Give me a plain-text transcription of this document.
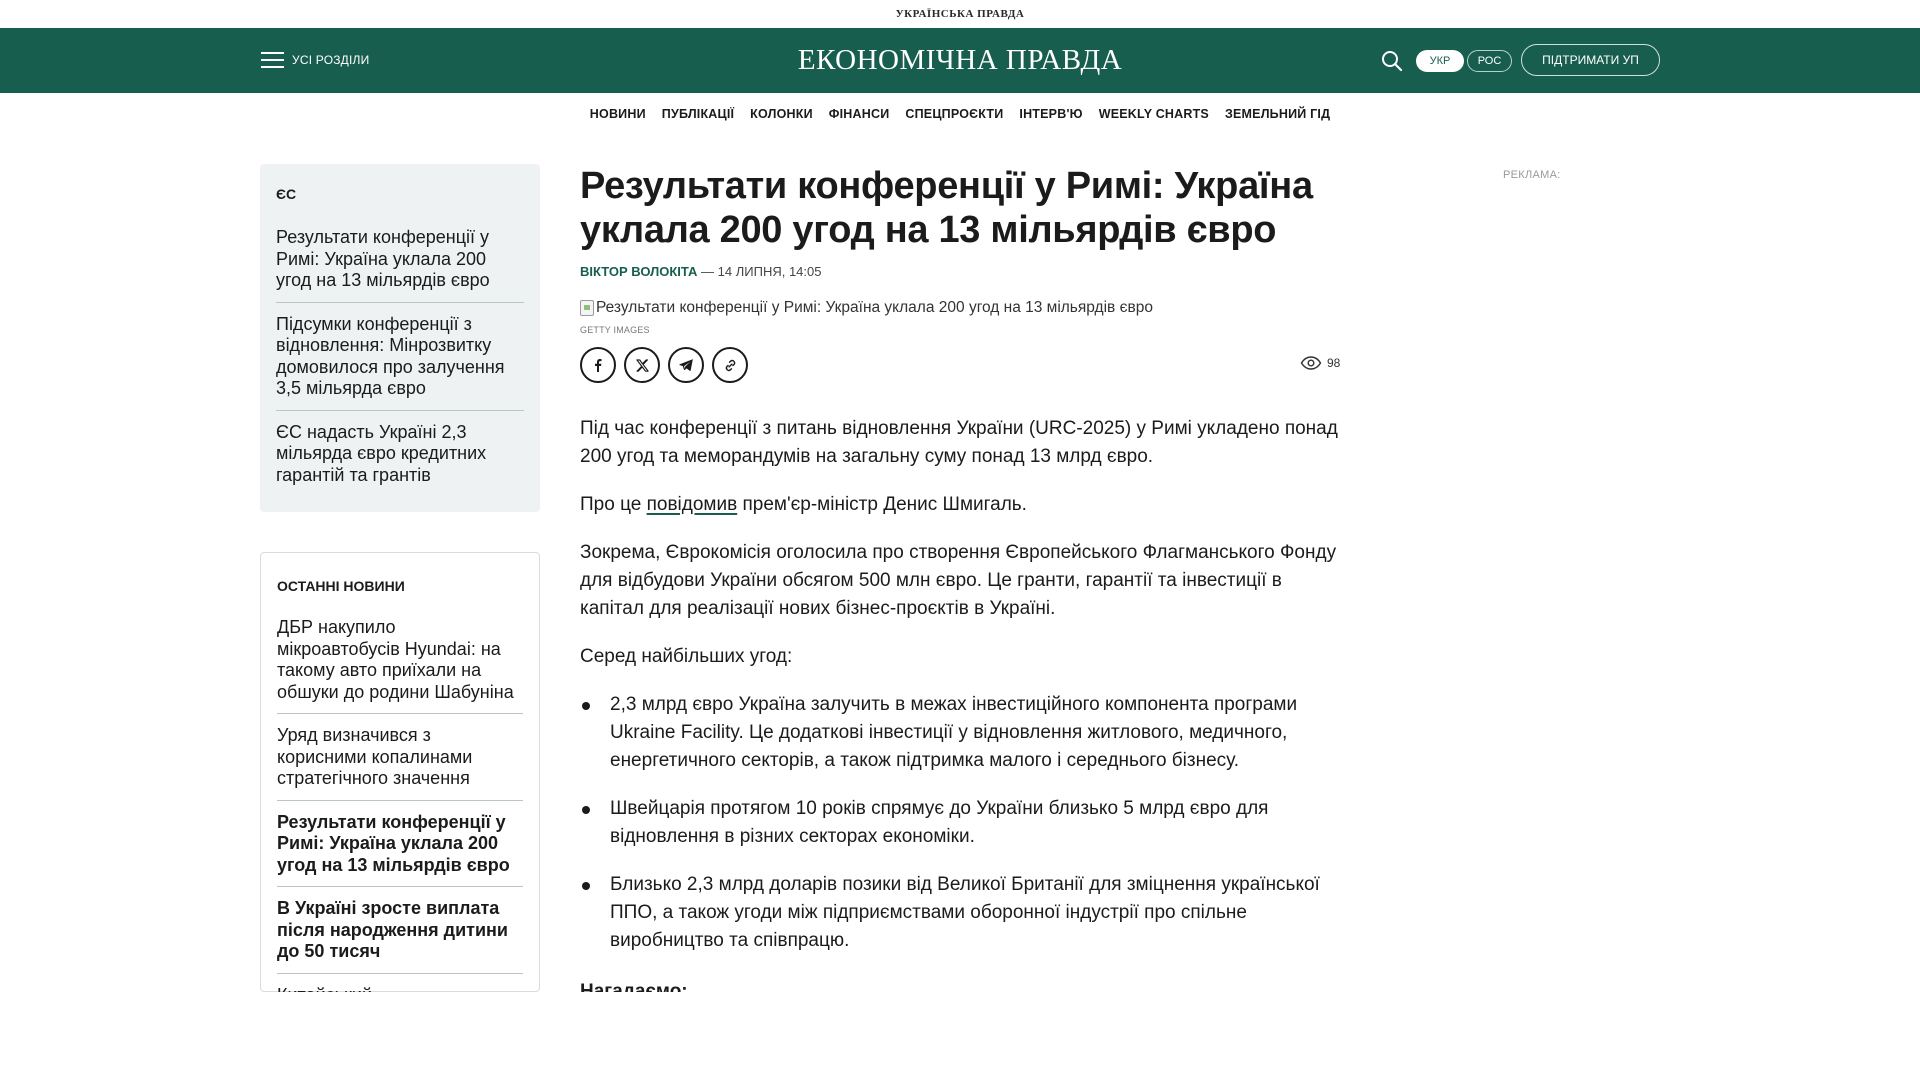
УКРАЇНСЬКА ПРАВДА
УСІ РОЗДІЛИ	ЕКОНОМІЧНА ПРАВДА	УКР	РОС	ПІДТРИМАТИ УП
НОВИНИ ПУБЛІКАЦІЇ КОЛОНКИ ФІНАНСИ СПЕЦПРОЄКТИ ІНТЕРВ'Ю WEEKLY CHARTS ЗЕМЕЛЬНИЙ ГІД
ЄС
Результати конференції у Римі: Україна уклала 200 угод на 13 мільярдів євро
Підсумки конференції з відновлення: Мінрозвитку домовилося про залучення 3,5 мільярда євро
ЄС надасть Україні 2,3 мільярда євро кредитних гарантій та грантів
ОСТАННІ НОВИНИ
ДБР накупило мікроавтобусів Hyundai: на такому авто приїхали на обшуки до родини Шабуніна
Уряд визначився з корисними копалинами стратегічного значення
Результати конференції у Римі: Україна уклала 200 угод на 13 мільярдів євро
В Україні зросте виплата після народження дитини до 50 тисяч
Результати конференції у Римі: Україна уклала 200 угод на 13 мільярдів євро
ВІКТОР ВОЛОКІТА — 14 ЛИПНЯ, 14:05
Результати конференції у Римі: Україна уклала 200 угод на 13 мільярдів євро
GETTY IMAGES
98

Під час конференції з питань відновлення України (URC-2025) у Римі укладено понад 200 угод та меморандумів на загальну суму понад 13 млрд євро.

Про це повідомив прем'єр-міністр Денис Шмигаль.

Зокрема, Єврокомісія оголосила про створення Європейського Флагманського Фонду для відбудови України обсягом 500 млн євро. Це гранти, гарантії та інвестиції в капітал для реалізації нових бізнес-проєктів в Україні.

Серед найбільших угод:

2,3 млрд євро Україна залучить в межах інвестиційного компонента програми Ukraine Facility. Це додаткові інвестиції у відновлення житлового, медичного, енергетичного секторів, а також підтримка малого і середнього бізнесу.
Швейцарія протягом 10 років спрямує до України близько 5 млрд євро для відновлення в різних секторах економіки.
Близько 2,3 млрд доларів позики від Великої Британії для зміцнення української ППО, а також угоди між підприємствами оборонної індустрії про спільне виробництво та співпрацю.
РЕКЛАМА:
